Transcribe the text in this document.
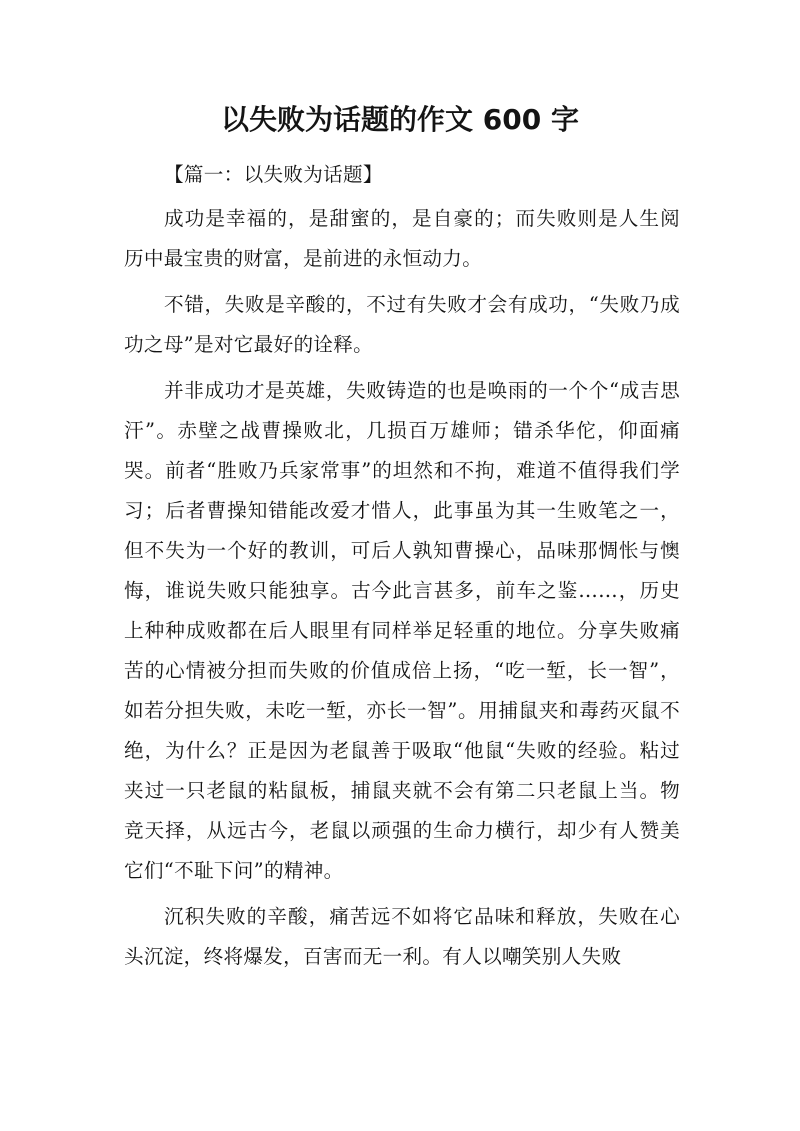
以失败为话题的作文 600 字

【篇一：以失败为话题】

成功是幸福的，是甜蜜的，是自豪的；而失败则是人生阅历中最宝贵的财富，是前进的永恒动力。

不错，失败是辛酸的，不过有失败才会有成功，“失败乃成功之母”是对它最好的诠释。

并非成功才是英雄，失败铸造的也是唤雨的一个个“成吉思汗”。赤壁之战曹操败北，几损百万雄师；错杀华佗，仰面痛哭。前者“胜败乃兵家常事”的坦然和不拘，难道不值得我们学习；后者曹操知错能改爱才惜人，此事虽为其一生败笔之一，但不失为一个好的教训，可后人孰知曹操心，品味那惆怅与懊悔，谁说失败只能独享。古今此言甚多，前车之鉴……，历史上种种成败都在后人眼里有同样举足轻重的地位。分享失败痛苦的心情被分担而失败的价值成倍上扬，“吃一堑，长一智”，如若分担失败，未吃一堑，亦长一智”。用捕鼠夹和毒药灭鼠不绝，为什么？正是因为老鼠善于吸取“他鼠“失败的经验。粘过夹过一只老鼠的粘鼠板，捕鼠夹就不会有第二只老鼠上当。物竞天择，从远古今，老鼠以顽强的生命力横行，却少有人赞美它们“不耻下问”的精神。

沉积失败的辛酸，痛苦远不如将它品味和释放，失败在心头沉淀，终将爆发，百害而无一利。有人以嘲笑别人失败
